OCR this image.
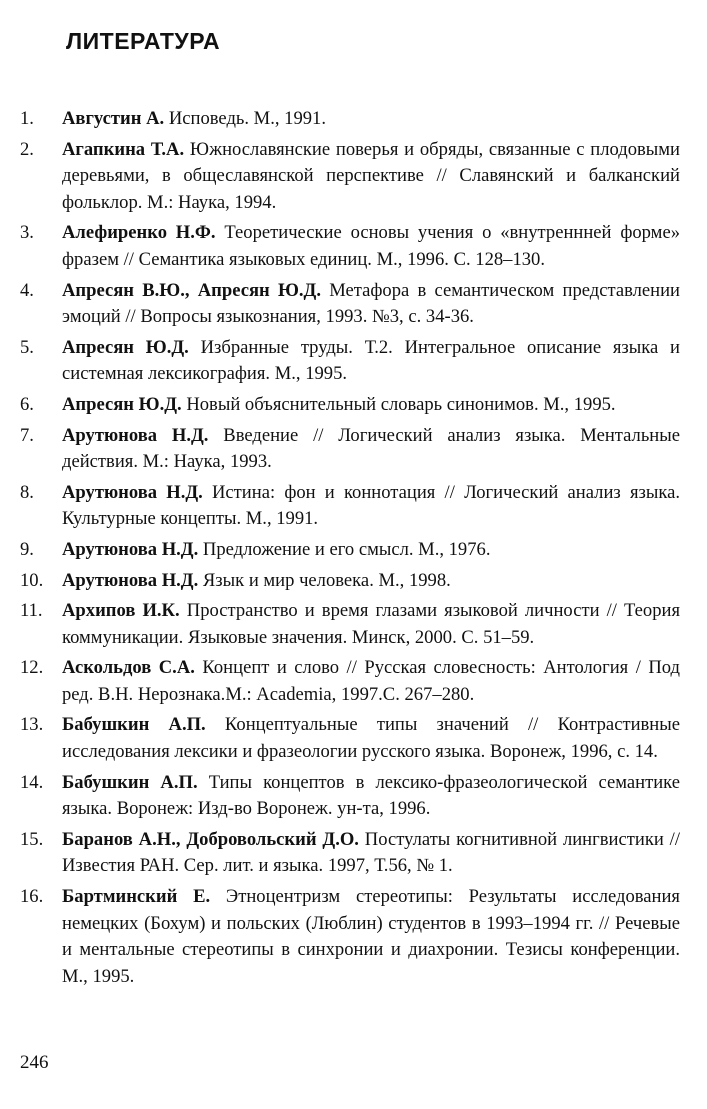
ЛИТЕРАТУРА
1.	Августин А. Исповедь. М., 1991.
2.	Агапкина Т.А. Южнославянские поверья и обряды, связанные с плодовыми деревьями, в общеславянской перспективе // Славянский и балканский фольклор. М.: Наука, 1994.
3.	Алефиренко Н.Ф. Теоретические основы учения о «внутреннней форме» фразем // Семантика языковых единиц. М., 1996. С. 128–130.
4.	Апресян В.Ю., Апресян Ю.Д. Метафора в семантическом представлении эмоций // Вопросы языкознания, 1993. №3, с. 34-36.
5.	Апресян Ю.Д. Избранные труды. Т.2. Интегральное описание языка и системная лексикография. М., 1995.
6.	Апресян Ю.Д. Новый объяснительный словарь синонимов. М., 1995.
7.	Арутюнова Н.Д. Введение // Логический анализ языка. Ментальные действия. М.: Наука, 1993.
8.	Арутюнова Н.Д. Истина: фон и коннотация // Логический анализ языка. Культурные концепты. М., 1991.
9.	Арутюнова Н.Д. Предложение и его смысл. М., 1976.
10.	Арутюнова Н.Д. Язык и мир человека. М., 1998.
11.	Архипов И.К. Пространство и время глазами языковой личности // Теория коммуникации. Языковые значения. Минск, 2000. С. 51–59.
12.	Аскольдов С.А. Концепт и слово // Русская словесность: Антология / Под ред. В.Н. Нерознака.М.: Academia, 1997.С. 267–280.
13.	Бабушкин А.П. Концептуальные типы значений // Контрастивные исследования лексики и фразеологии русского языка. Воронеж, 1996, с. 14.
14.	Бабушкин А.П. Типы концептов в лексико-фразеологической семантике языка. Воронеж: Изд-во Воронеж. ун-та, 1996.
15.	Баранов А.Н., Добровольский Д.О. Постулаты когнитивной лингвистики // Известия РАН. Сер. лит. и языка. 1997, Т.56, № 1.
16.	Бартминский Е. Этноцентризм стереотипы: Результаты исследования немецких (Бохум) и польских (Люблин) студентов в 1993–1994 гг. // Речевые и ментальные стереотипы в синхронии и диахронии. Тезисы конференции. М., 1995.
246
